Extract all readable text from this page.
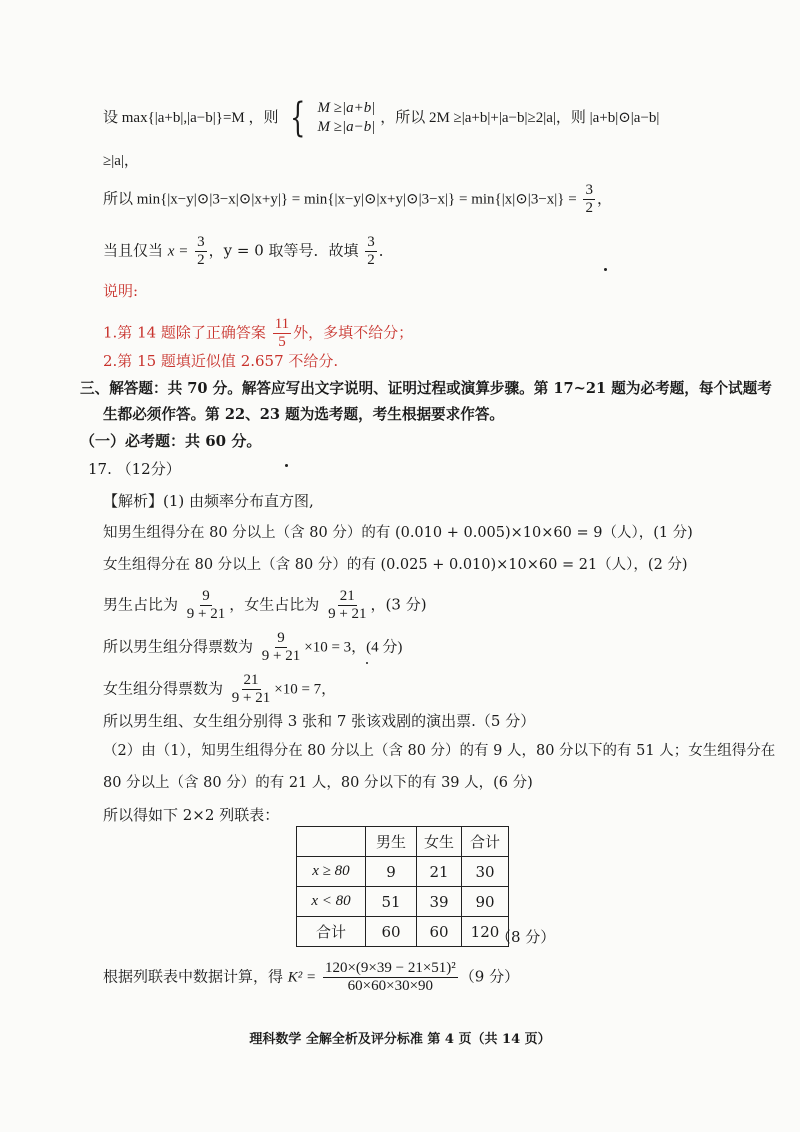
设 max{|a+b|,|a−b|}=M ，则 { M ≥|a+b|
M ≥|a−b|
，所以 2M ≥|a+b|+|a−b|≥2|a|，则 |a+b|⊙|a−b|
≥|a|，
所以 min{|x−y|⊙|3−x|⊙|x+y|} = min{|x−y|⊙|x+y|⊙|3−x|} = min{|x|⊙|3−x|} = $\frac{3}{2}$ ，
当且仅当 $x = \frac{3}{2}$ ，y = 0 取等号．故填 $\frac{3}{2}$ ．
说明:
1.第 14 题除了正确答案 $\frac{11}{5}$ 外，多填不给分；
2.第 15 题填近似值 2.657 不给分.
三、解答题：共 70 分。解答应写出文字说明、证明过程或演算步骤。第 17~21 题为必考题，每个试题考
生都必须作答。第 22、23 题为选考题，考生根据要求作答。
（一）必考题：共 60 分。
17. （12分）
【解析】(1) 由频率分布直方图,
知男生组得分在 80 分以上（含 80 分）的有 (0.010 + 0.005)×10×60 = 9（人），(1 分)
女生组得分在 80 分以上（含 80 分）的有 (0.025 + 0.010)×10×60 = 21（人），(2 分)
男生占比为 $\frac{9}{9 + 21}$ ，女生占比为 $\frac{21}{9 + 21}$ ，(3 分)
所以男生组分得票数为 $\frac{9}{9 + 21} \times 10 = 3$，(4 分)
女生组分得票数为 $\frac{21}{9 + 21} \times 10 = 7$，
所以男生组、女生组分别得 3 张和 7 张该戏剧的演出票.（5 分）
（2）由（1），知男生组得分在 80 分以上（含 80 分）的有 9 人，80 分以下的有 51 人；女生组得分在
80 分以上（含 80 分）的有 21 人，80 分以下的有 39 人，(6 分)
所以得如下 2×2 列联表：
	男生	女生	合计
x ≥ 80	9	21	30
x < 80	51	39	90
合计	60	60	120
（8 分）
根据列联表中数据计算，得 $K^2 = \frac{\text{120×(9×39 − 21×51)²}}{60\times 60\times 30\times 90} (9$ 分）
理科数学 全解全析及评分标准 第 4 页（共 14 页）
